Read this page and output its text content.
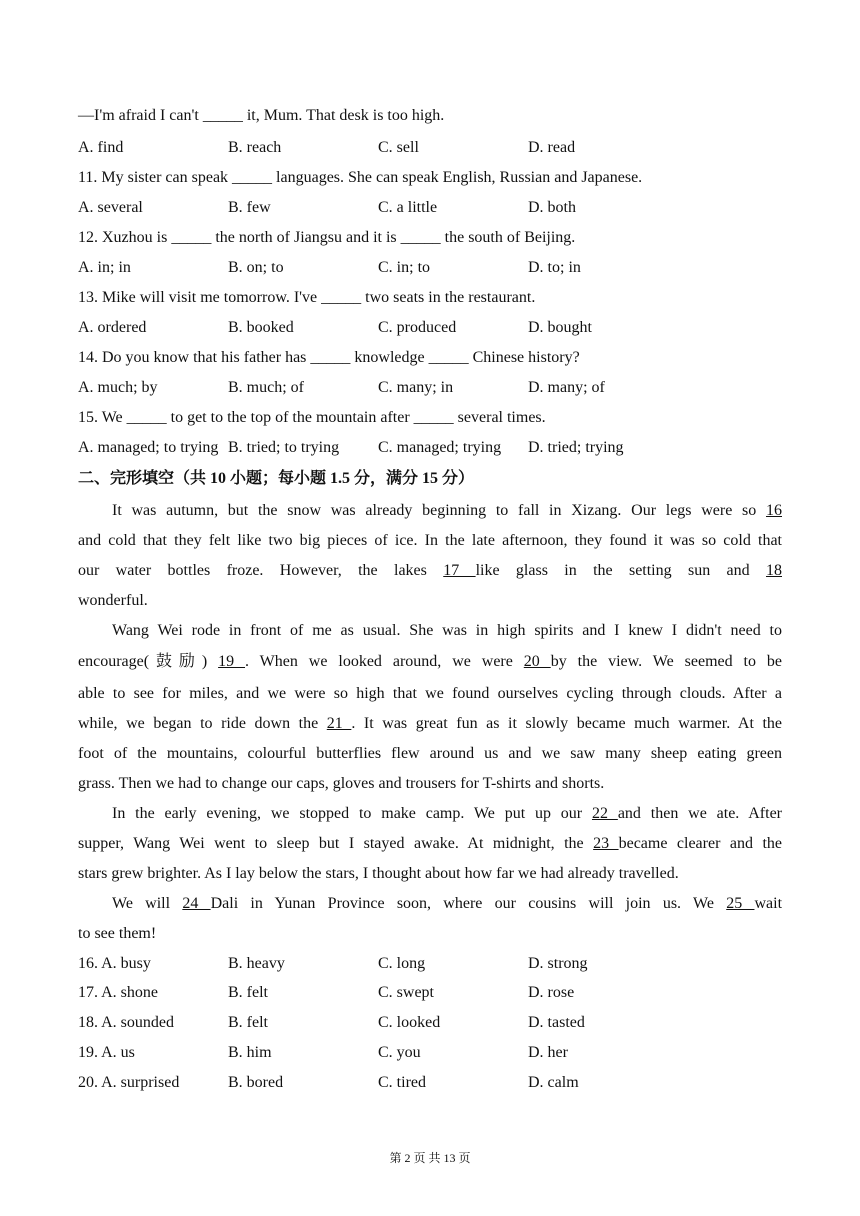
—I'm afraid I can't _____ it, Mum. That desk is too high.
A. find	B. reach	C. sell	D. read
11. My sister can speak _____ languages. She can speak English, Russian and Japanese.
A. several	B. few	C. a little	D. both
12. Xuzhou is _____ the north of Jiangsu and it is _____ the south of Beijing.
A. in; in	B. on; to	C. in; to	D. to; in
13. Mike will visit me tomorrow. I've _____ two seats in the restaurant.
A. ordered	B. booked	C. produced	D. bought
14. Do you know that his father has _____ knowledge _____ Chinese history?
A. much; by	B. much; of	C. many; in	D. many; of
15. We _____ to get to the top of the mountain after _____ several times.
A. managed; to trying B. tried; to trying C. managed; trying D. tried; trying
二、完形填空（共 10 小题；每小题 1.5 分，满分 15 分）
It was autumn, but the snow was already beginning to fall in Xizang. Our legs were so 16
and cold that they felt like two big pieces of ice. In the late afternoon, they found it was so cold that
our water bottles froze. However, the lakes 17 like glass in the setting sun and 18
wonderful.
Wang Wei rode in front of me as usual. She was in high spirits and I knew I didn't need to
encourage(鼓励) 19 . When we looked around, we were 20 by the view. We seemed to be
able to see for miles, and we were so high that we found ourselves cycling through clouds. After a
while, we began to ride down the 21 . It was great fun as it slowly became much warmer. At the
foot of the mountains, colourful butterflies flew around us and we saw many sheep eating green
grass. Then we had to change our caps, gloves and trousers for T-shirts and shorts.
In the early evening, we stopped to make camp. We put up our 22 and then we ate. After
supper, Wang Wei went to sleep but I stayed awake. At midnight, the 23 became clearer and the
stars grew brighter. As I lay below the stars, I thought about how far we had already travelled.
We will 24 Dali in Yunan Province soon, where our cousins will join us. We 25 wait
to see them!
16. A. busy	B. heavy	C. long	D. strong
17. A. shone	B. felt	C. swept	D. rose
18. A. sounded	B. felt	C. looked	D. tasted
19. A. us	B. him	C. you	D. her
20. A. surprised	B. bored	C. tired	D. calm
第 2 页 共 13 页
